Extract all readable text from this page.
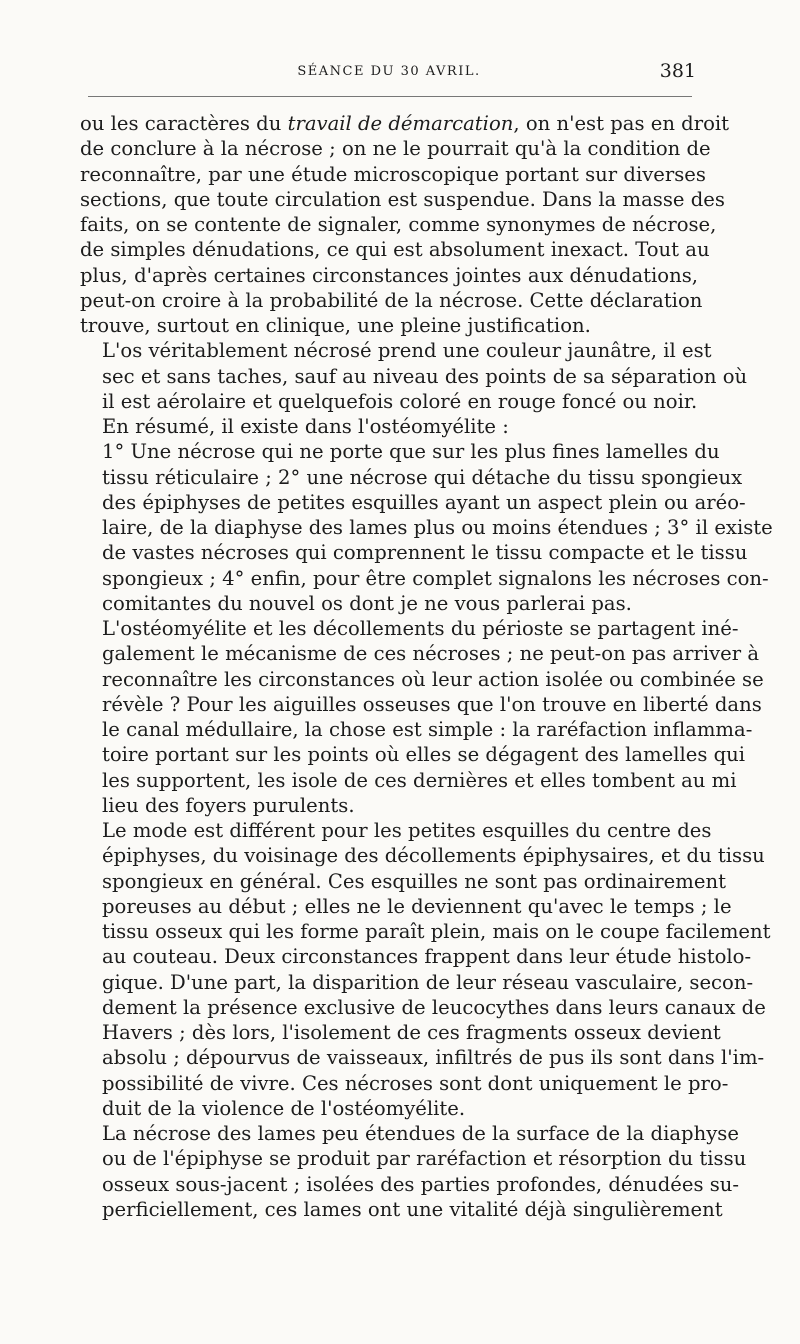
SÉANCE DU 30 AVRIL.	381

ou les caractères du travail de démarcation, on n'est pas en droit
de conclure à la nécrose ; on ne le pourrait qu'à la condition de
reconnaître, par une étude microscopique portant sur diverses
sections, que toute circulation est suspendue. Dans la masse des
faits, on se contente de signaler, comme synonymes de nécrose,
de simples dénudations, ce qui est absolument inexact. Tout au
plus, d'après certaines circonstances jointes aux dénudations,
peut-on croire à la probabilité de la nécrose. Cette déclaration
trouve, surtout en clinique, une pleine justification.

L'os véritablement nécrosé prend une couleur jaunâtre, il est
sec et sans taches, sauf au niveau des points de sa séparation où
il est aérolaire et quelquefois coloré en rouge foncé ou noir.

En résumé, il existe dans l'ostéomyélite :

1° Une nécrose qui ne porte que sur les plus fines lamelles du
tissu réticulaire ; 2° une nécrose qui détache du tissu spongieux
des épiphyses de petites esquilles ayant un aspect plein ou aréo-
laire, de la diaphyse des lames plus ou moins étendues ; 3° il existe
de vastes nécroses qui comprennent le tissu compacte et le tissu
spongieux ; 4° enfin, pour être complet signalons les nécroses con-
comitantes du nouvel os dont je ne vous parlerai pas.

L'ostéomyélite et les décollements du périoste se partagent iné-
galement le mécanisme de ces nécroses ; ne peut-on pas arriver à
reconnaître les circonstances où leur action isolée ou combinée se
révèle ? Pour les aiguilles osseuses que l'on trouve en liberté dans
le canal médullaire, la chose est simple : la raréfaction inflamma-
toire portant sur les points où elles se dégagent des lamelles qui
les supportent, les isole de ces dernières et elles tombent au mi
lieu des foyers purulents.

Le mode est différent pour les petites esquilles du centre des
épiphyses, du voisinage des décollements épiphysaires, et du tissu
spongieux en général. Ces esquilles ne sont pas ordinairement
poreuses au début ; elles ne le deviennent qu'avec le temps ; le
tissu osseux qui les forme paraît plein, mais on le coupe facilement
au couteau. Deux circonstances frappent dans leur étude histolo-
gique. D'une part, la disparition de leur réseau vasculaire, secon-
dement la présence exclusive de leucocythes dans leurs canaux de
Havers ; dès lors, l'isolement de ces fragments osseux devient
absolu ; dépourvus de vaisseaux, infiltrés de pus ils sont dans l'im-
possibilité de vivre. Ces nécroses sont dont uniquement le pro-
duit de la violence de l'ostéomyélite.

La nécrose des lames peu étendues de la surface de la diaphyse
ou de l'épiphyse se produit par raréfaction et résorption du tissu
osseux sous-jacent ; isolées des parties profondes, dénudées su-
perficiellement, ces lames ont une vitalité déjà singulièrement
